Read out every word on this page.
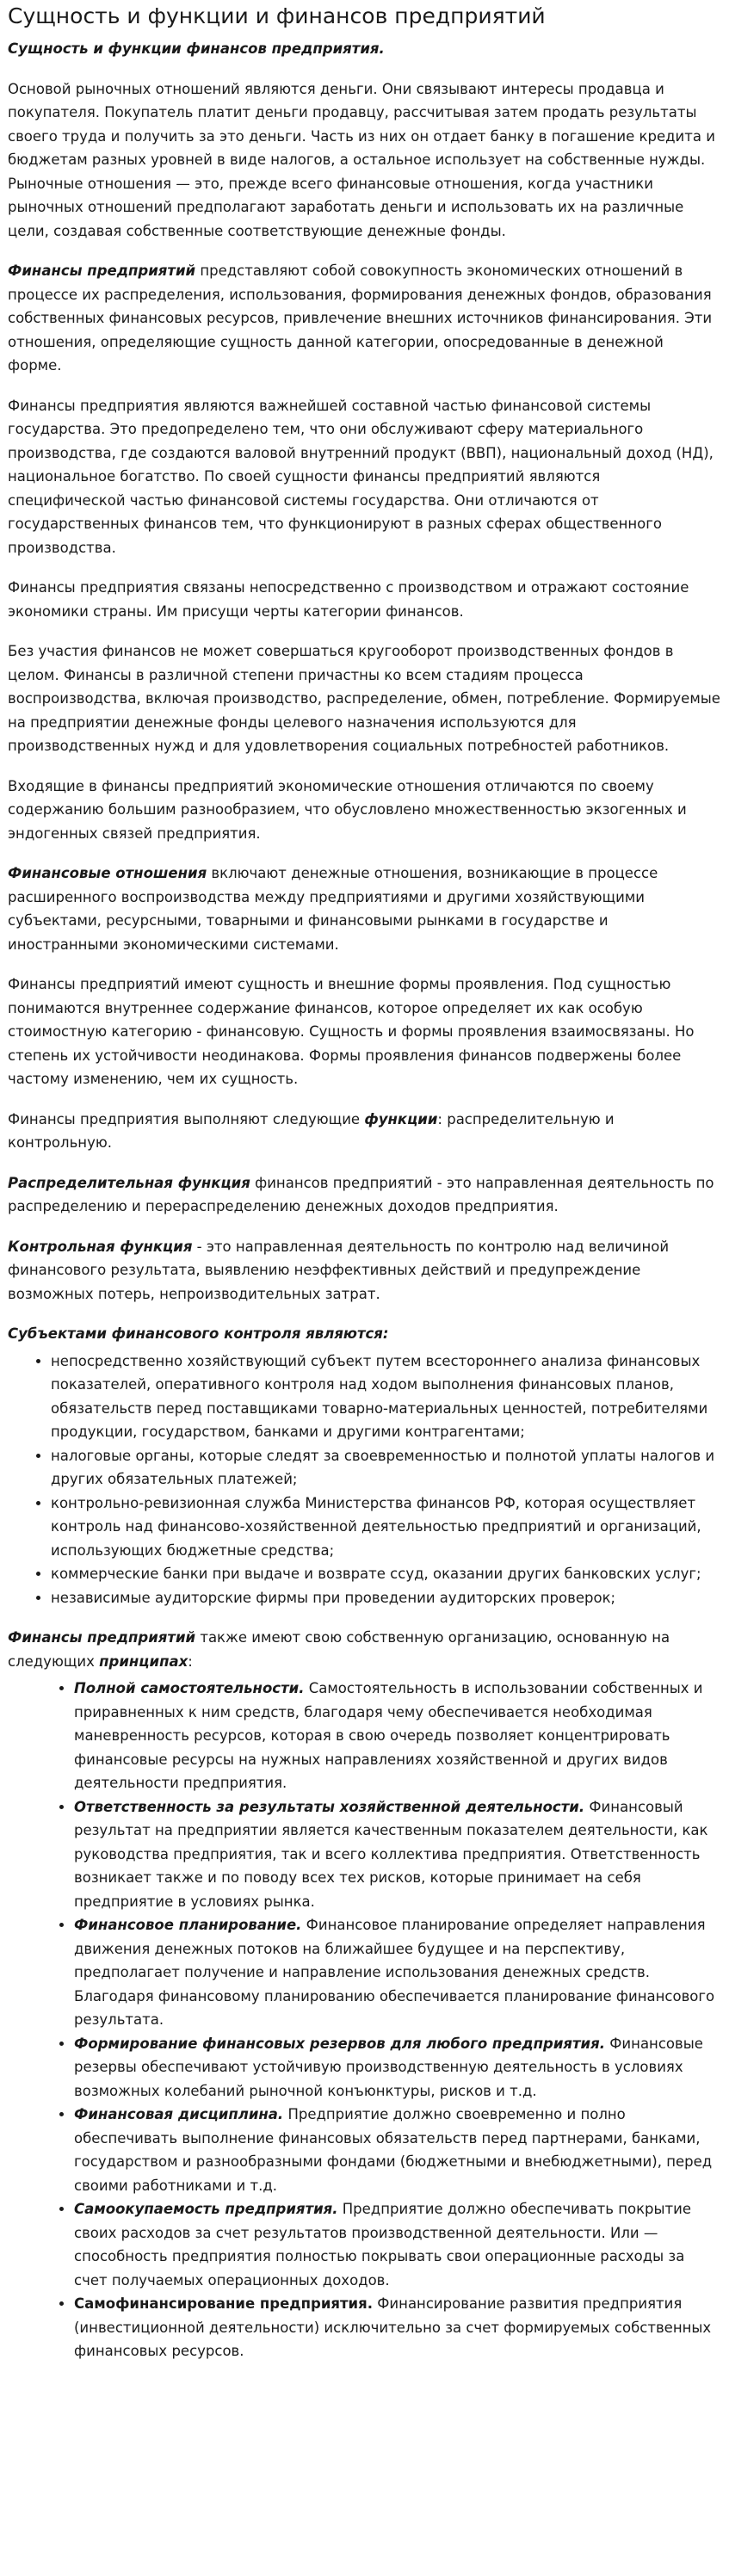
Сущность и функции и финансов предприятий

Сущность и функции финансов предприятия.

Основой рыночных отношений являются деньги. Они связывают интересы продавца и покупателя. Покупатель платит деньги продавцу, рассчитывая затем продать результаты своего труда и получить за это деньги. Часть из них он отдает банку в погашение кредита и бюджетам разных уровней в виде налогов, а остальное использует на собственные нужды. Рыночные отношения — это, прежде всего финансовые отношения, когда участники рыночных отношений предполагают заработать деньги и использовать их на различные цели, создавая собственные соответствующие денежные фонды.

Финансы предприятий представляют собой совокупность экономических отношений в процессе их распределения, использования, формирования денежных фондов, образования собственных финансовых ресурсов, привлечение внешних источников финансирования. Эти отношения, определяющие сущность данной категории, опосредованные в денежной форме.

Финансы предприятия являются важнейшей составной частью финансовой системы государства. Это предопределено тем, что они обслуживают сферу материального производства, где создаются валовой внутренний продукт (ВВП), национальный доход (НД), национальное богатство. По своей сущности финансы предприятий являются специфической частью финансовой системы государства. Они отличаются от государственных финансов тем, что функционируют в разных сферах общественного производства.

Финансы предприятия связаны непосредственно с производством и отражают состояние экономики страны. Им присущи черты категории финансов.

Без участия финансов не может совершаться кругооборот производственных фондов в целом. Финансы в различной степени причастны ко всем стадиям процесса воспроизводства, включая производство, распределение, обмен, потребление. Формируемые на предприятии денежные фонды целевого назначения используются для производственных нужд и для удовлетворения социальных потребностей работников.

Входящие в финансы предприятий экономические отношения отличаются по своему содержанию большим разнообразием, что обусловлено множественностью экзогенных и эндогенных связей предприятия.

Финансовые отношения включают денежные отношения, возникающие в процессе расширенного воспроизводства между предприятиями и другими хозяйствующими субъектами, ресурсными, товарными и финансовыми рынками в государстве и иностранными экономическими системами.

Финансы предприятий имеют сущность и внешние формы проявления. Под сущностью понимаются внутреннее содержание финансов, которое определяет их как особую стоимостную категорию - финансовую. Сущность и формы проявления взаимосвязаны. Но степень их устойчивости неодинакова. Формы проявления финансов подвержены более частому изменению, чем их сущность.

Финансы предприятия выполняют следующие функции: распределительную и контрольную.

Распределительная функция финансов предприятий - это направленная деятельность по распределению и перераспределению денежных доходов предприятия.

Контрольная функция - это направленная деятельность по контролю над величиной финансового результата, выявлению неэффективных действий и предупреждение возможных потерь, непроизводительных затрат.

Субъектами финансового контроля являются:

• непосредственно хозяйствующий субъект путем всестороннего анализа финансовых показателей, оперативного контроля над ходом выполнения финансовых планов, обязательств перед поставщиками товарно-материальных ценностей, потребителями продукции, государством, банками и другими контрагентами;
• налоговые органы, которые следят за своевременностью и полнотой уплаты налогов и других обязательных платежей;
• контрольно-ревизионная служба Министерства финансов РФ, которая осуществляет контроль над финансово-хозяйственной деятельностью предприятий и организаций, использующих бюджетные средства;
• коммерческие банки при выдаче и возврате ссуд, оказании других банковских услуг;
• независимые аудиторские фирмы при проведении аудиторских проверок;

Финансы предприятий также имеют свою собственную организацию, основанную на следующих принципах:

• Полной самостоятельности. Самостоятельность в использовании собственных и приравненных к ним средств, благодаря чему обеспечивается необходимая маневренность ресурсов, которая в свою очередь позволяет концентрировать финансовые ресурсы на нужных направлениях хозяйственной и других видов деятельности предприятия.
• Ответственность за результаты хозяйственной деятельности. Финансовый результат на предприятии является качественным показателем деятельности, как руководства предприятия, так и всего коллектива предприятия. Ответственность возникает также и по поводу всех тех рисков, которые принимает на себя предприятие в условиях рынка.
• Финансовое планирование. Финансовое планирование определяет направления движения денежных потоков на ближайшее будущее и на перспективу, предполагает получение и направление использования денежных средств. Благодаря финансовому планированию обеспечивается планирование финансового результата.
• Формирование финансовых резервов для любого предприятия. Финансовые резервы обеспечивают устойчивую производственную деятельность в условиях возможных колебаний рыночной конъюнктуры, рисков и т.д.
• Финансовая дисциплина. Предприятие должно своевременно и полно обеспечивать выполнение финансовых обязательств перед партнерами, банками, государством и разнообразными фондами (бюджетными и внебюджетными), перед своими работниками и т.д.
• Самоокупаемость предприятия. Предприятие должно обеспечивать покрытие своих расходов за счет результатов производственной деятельности. Или — способность предприятия полностью покрывать свои операционные расходы за счет получаемых операционных доходов.
• Самофинансирование предприятия. Финансирование развития предприятия (инвестиционной деятельности) исключительно за счет формируемых собственных финансовых ресурсов.
